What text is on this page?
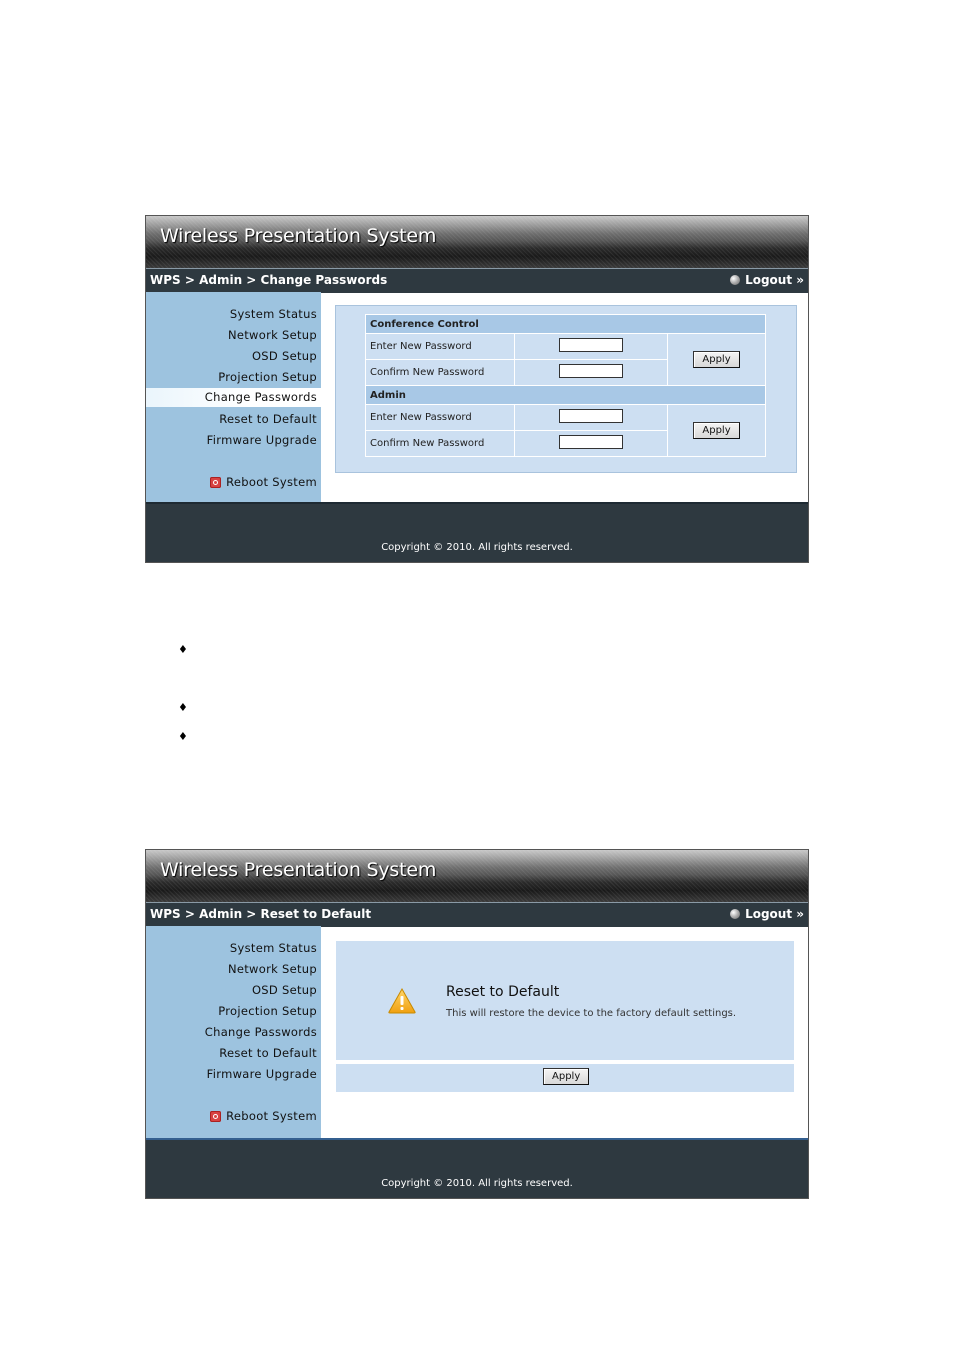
Wireless Presentation System
WPS > Admin > Change Passwords	Logout »
System Status
Network Setup
OSD Setup
Projection Setup
Change Passwords
Reset to Default
Firmware Upgrade
Reboot System
Conference Control		
Enter New Password		Apply
Confirm New Password		
Admin		
Enter New Password		Apply
Confirm New Password		
Copyright © 2010. All rights reserved.
♦
♦
♦
Wireless Presentation System
WPS > Admin > Reset to Default	Logout »
System Status
Network Setup
OSD Setup
Projection Setup
Change Passwords
Reset to Default
Firmware Upgrade
Reboot System
Reset to Default
This will restore the device to the factory default settings.
Apply
Copyright © 2010. All rights reserved.
